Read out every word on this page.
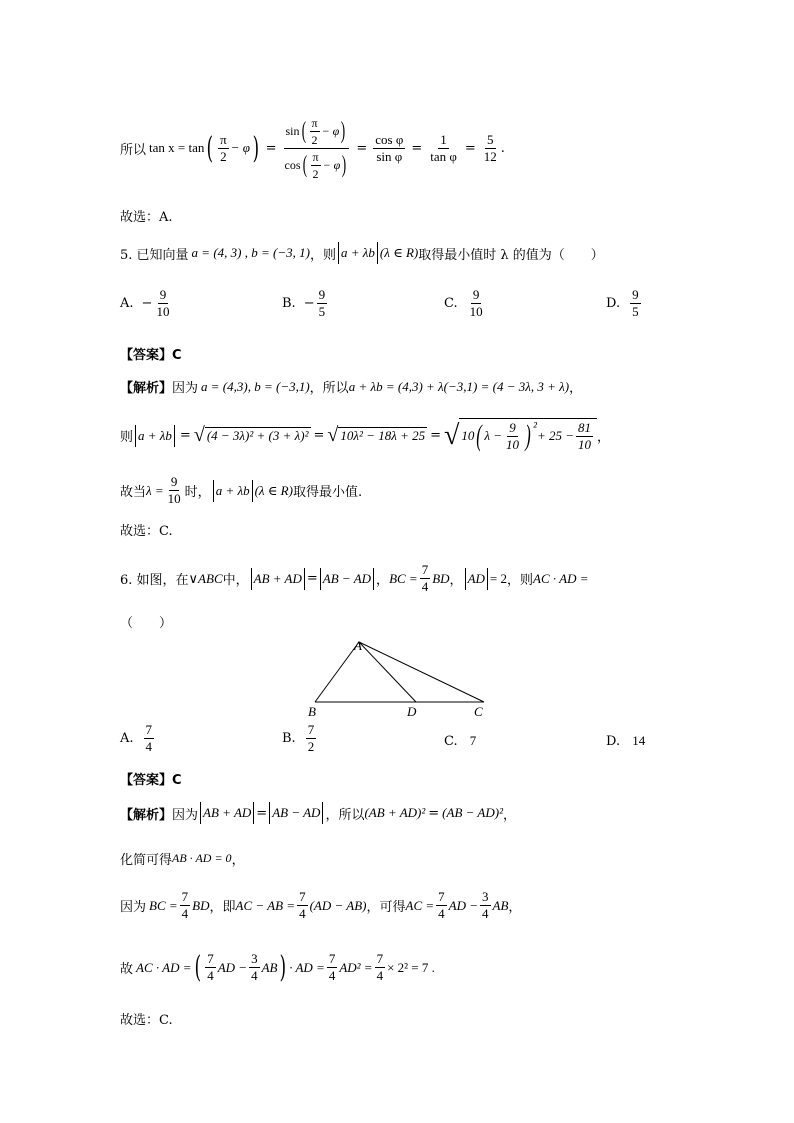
所以 tan x = tan ( $\frac{\pi}{2} - \varphi$ ) = $\frac{\sin ( \frac{\pi}{2} - \varphi )}{\cos ( \frac{\pi}{2} - \varphi )} = \frac{\text{cos φ}}{\text{sin φ}} = \frac{1}{\text{tan φ}} = \frac{5}{12}$ .
故选：A.
5. 已知向量 a = (4, 3) , b = (−3, 1) ，则 a + λb (λ ∈ R) 取得最小值时 λ 的值为（　　）
A. − $\frac{9}{10}$	B. − $\frac{9}{5}$	C. $\frac{9}{10}$	D. $\frac{9}{5}$
【答案】C
【解析】 因为 a = (4,3), b = (−3,1) ，所以 a + λb = (4,3) + λ(−3,1) = (4 − 3λ, 3 + λ) ，
则 a + λb = √ (4 − 3λ)² + (3 + λ)² = √ 10λ² − 18λ + 25 = √ 10 ( $\lambda - \frac{9}{10}$ ) ²
+ $25 - \frac{81}{10}$ ，
故当 $\lambda = \frac{9}{10}$ 时， a + λb (λ ∈ R) 取得最小值.
故选：C.
6. 如图，在 ∨ABC 中， AB + AD = AB − AD ， BC = $\frac{7}{4}$ BD ， AD = 2 ，则 AC · AD =
（　　）
A
B	D	C
A. $\frac{7}{4}$	B. $\frac{7}{2}$	C. 7	D. 14
【答案】C
【解析】 因为 AB + AD = AB − AD ，所以 (AB + AD)² = (AB − AD)² ，
化简可得 AB · AD = 0 ，
因为 BC = $\frac{7}{4}$ BD ，即 AC − AB = $\frac{7}{4} (AD - AB)$ ，可得 AC = $\frac{7}{4}$ AD − $\frac{3}{4}$ AB ，
故 AC · AD = ( $\frac{7}{4}$ AD − $\frac{3}{4}$ AB ) · AD = $\frac{7}{4} AD^2 = \frac{7}{4} \times 2^2 = 7$ .
故选：C.
